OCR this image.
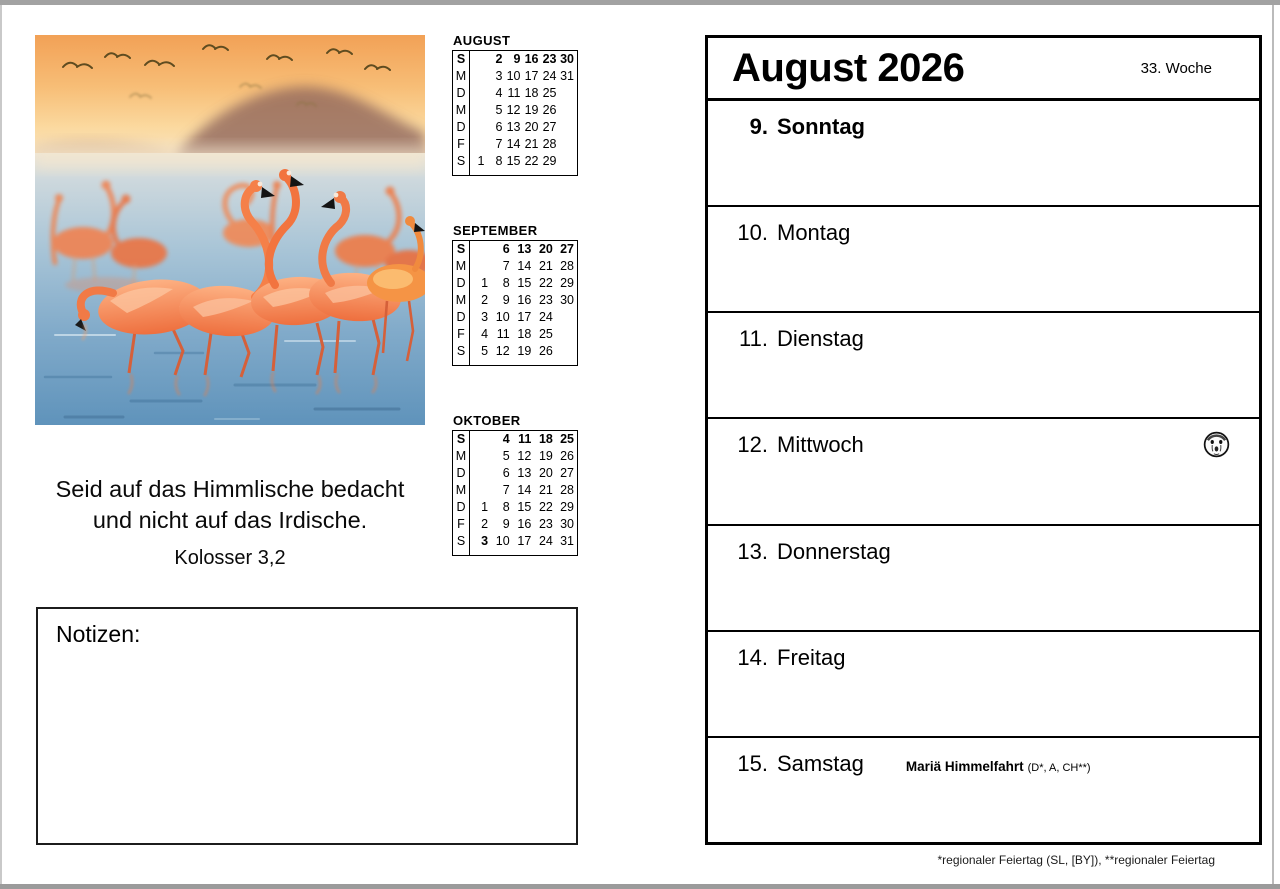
Seid auf das Himmlische bedacht
und nicht auf das Irdische.
Kolosser 3,2
Notizen:
AUGUST
S		2	9	16	23	30
M		3	10	17	24	31
D		4	11	18	25	
M		5	12	19	26	
D		6	13	20	27	
F		7	14	21	28	
S	1	8	15	22	29	
SEPTEMBER
S		6	13	20	27
M		7	14	21	28
D	1	8	15	22	29
M	2	9	16	23	30
D	3	10	17	24	
F	4	11	18	25	
S	5	12	19	26	
OKTOBER
S		4	11	18	25
M		5	12	19	26
D		6	13	20	27
M		7	14	21	28
D	1	8	15	22	29
F	2	9	16	23	30
S	3	10	17	24	31
August 2026	33. Woche
9. Sonntag
10. Montag
11. Dienstag
12. Mittwoch
13. Donnerstag
14. Freitag
15. Samstag	Mariä Himmelfahrt (D*, A, CH**)
*regionaler Feiertag (SL, [BY]), **regionaler Feiertag
